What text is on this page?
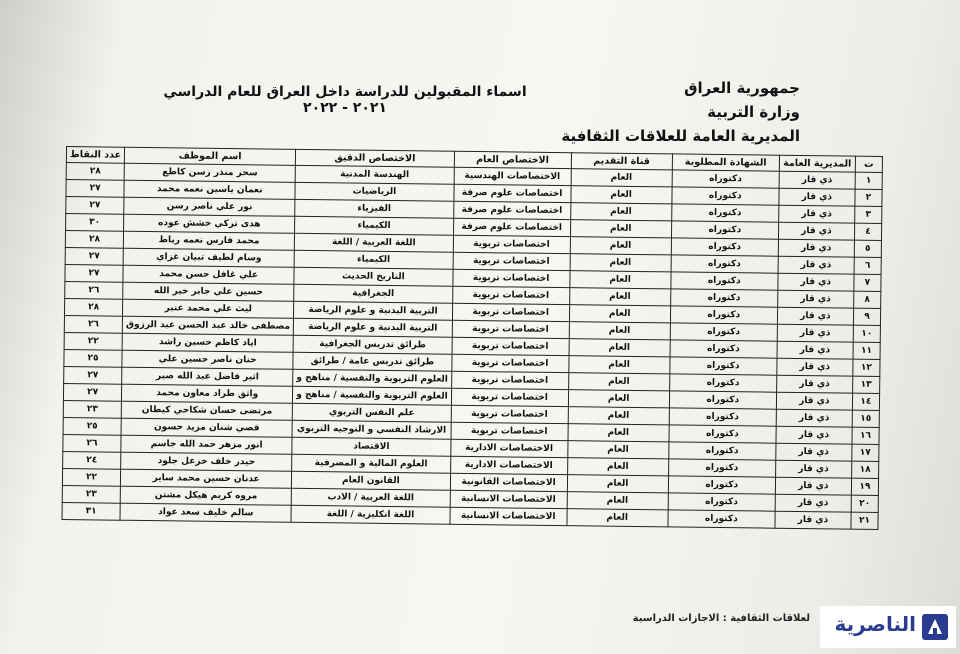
جمهورية العراق
وزارة التربية
المديرية العامة للعلاقات الثقافية
اسماء المقبولين للدراسة داخل العراق للعام الدراسي ٢٠٢١ - ٢٠٢٢
ت	المديرية العامة	الشهادة المطلوبة	قناة التقديم	الاختصاص العام	الاختصاص الدقيق	اسم الموظف	عدد النقاط
١	ذي قار	دكتوراه	العام	الاختصاصات الهندسية	الهندسة المدنية	سحر منذر رسن كاطع	٢٨
٢	ذي قار	دكتوراه	العام	اختصاصات علوم صرفة	الرياضيات	نعمان ياسين نعمه محمد	٢٧
٣	ذي قار	دكتوراه	العام	اختصاصات علوم صرفة	الفيزياء	نور علي ناصر رسن	٢٧
٤	ذي قار	دكتوراه	العام	اختصاصات علوم صرفة	الكيمياء	هدى تركي خشش عوده	٣٠
٥	ذي قار	دكتوراه	العام	اختصاصات تربوية	اللغة العربية / اللغة	محمد فارس نعمه رباط	٢٨
٦	ذي قار	دكتوراه	العام	اختصاصات تربوية	الكيمياء	وسام لطيف تبيان غزاي	٢٧
٧	ذي قار	دكتوراه	العام	اختصاصات تربوية	التاريخ الحديث	علي غافل حسن محمد	٢٧
٨	ذي قار	دكتوراه	العام	اختصاصات تربوية	الجغرافية	حسين علي جابر خير الله	٢٦
٩	ذي قار	دكتوراه	العام	اختصاصات تربوية	التربية البدنية و علوم الرياضة	ليث علي محمد عنبر	٢٨
١٠	ذي قار	دكتوراه	العام	اختصاصات تربوية	التربية البدنية و علوم الرياضة	مصطفى خالد عبد الحسن عبد الرزوق	٢٦
١١	ذي قار	دكتوراه	العام	اختصاصات تربوية	طرائق تدريس الجغرافية	اياد كاظم حسين راشد	٢٢
١٢	ذي قار	دكتوراه	العام	اختصاصات تربوية	طرائق تدريس عامة / طرائق	حنان ناصر حسين علي	٢٥
١٣	ذي قار	دكتوراه	العام	اختصاصات تربوية	العلوم التربوية والنفسية / مناهج و	اثير فاضل عبد الله صبر	٢٧
١٤	ذي قار	دكتوراه	العام	اختصاصات تربوية	العلوم التربوية والنفسية / مناهج و	واثق طراد معاون محمد	٢٧
١٥	ذي قار	دكتوراه	العام	اختصاصات تربوية	علم النفس التربوي	مرتضى حسان شكاحي كيطان	٢٣
١٦	ذي قار	دكتوراه	العام	اختصاصات تربوية	الارشاد النفسي و التوجيه التربوي	قصي شنان مزيد حسون	٢٥
١٧	ذي قار	دكتوراه	العام	الاختصاصات الادارية	الاقتصاد	انور مزهر حمد الله جاسم	٢٦
١٨	ذي قار	دكتوراه	العام	الاختصاصات الادارية	العلوم المالية و المصرفية	حيدر خلف خزعل جلود	٢٤
١٩	ذي قار	دكتوراه	العام	الاختصاصات القانونية	القانون العام	عدنان حسين محمد ساير	٢٢
٢٠	ذي قار	دكتوراه	العام	الاختصاصات الانسانية	اللغة العربية / الادب	مروه كريم هيكل مشتن	٢٣
٢١	ذي قار	دكتوراه	العام	الاختصاصات الانسانية	اللغة انكليزية / اللغة	سالم خليف سعد عواد	٣١
لعلاقات الثقافية : الاجازات الدراسية الناصرية
